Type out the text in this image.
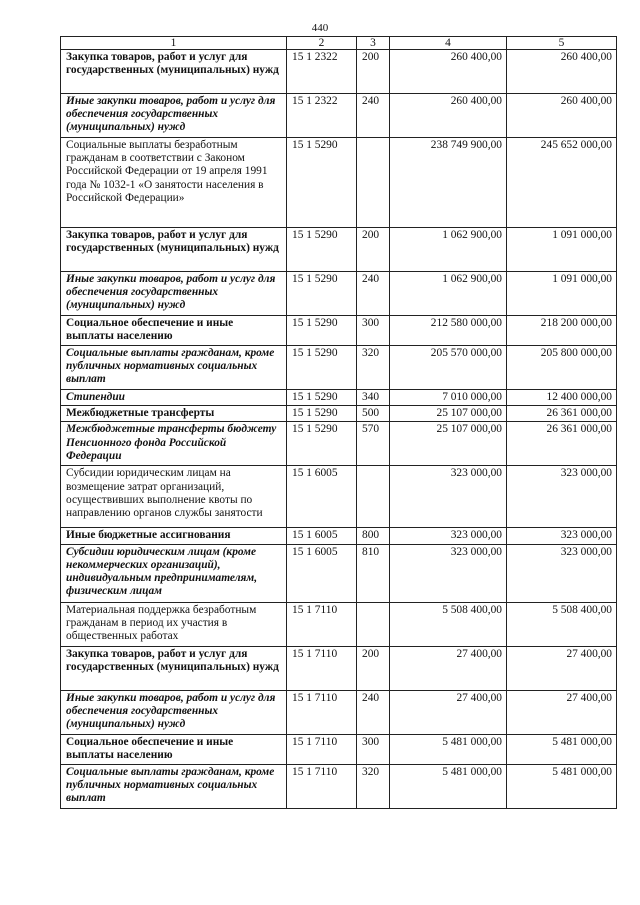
440
1	2	3	4	5
Закупка товаров, работ и услуг для государственных (муниципальных) нужд	15 1 2322	200	260 400,00	260 400,00
Иные закупки товаров, работ и услуг для обеспечения государственных (муниципальных) нужд	15 1 2322	240	260 400,00	260 400,00
Социальные выплаты безработным гражданам в соответствии с Законом Российской Федерации от 19 апреля 1991 года № 1032-1 «О занятости населения в Российской Федерации»	15 1 5290		238 749 900,00	245 652 000,00
Закупка товаров, работ и услуг для государственных (муниципальных) нужд	15 1 5290	200	1 062 900,00	1 091 000,00
Иные закупки товаров, работ и услуг для обеспечения государственных (муниципальных) нужд	15 1 5290	240	1 062 900,00	1 091 000,00
Социальное обеспечение и иные выплаты населению	15 1 5290	300	212 580 000,00	218 200 000,00
Социальные выплаты гражданам, кроме публичных нормативных социальных выплат	15 1 5290	320	205 570 000,00	205 800 000,00
Стипендии	15 1 5290	340	7 010 000,00	12 400 000,00
Межбюджетные трансферты	15 1 5290	500	25 107 000,00	26 361 000,00
Межбюджетные трансферты бюджету Пенсионного фонда Российской Федерации	15 1 5290	570	25 107 000,00	26 361 000,00
Субсидии юридическим лицам на возмещение затрат организаций, осуществивших выполнение квоты по направлению органов службы занятости	15 1 6005		323 000,00	323 000,00
Иные бюджетные ассигнования	15 1 6005	800	323 000,00	323 000,00
Субсидии юридическим лицам (кроме некоммерческих организаций), индивидуальным предпринимателям, физическим лицам	15 1 6005	810	323 000,00	323 000,00
Материальная поддержка безработным гражданам в период их участия в общественных работах	15 1 7110		5 508 400,00	5 508 400,00
Закупка товаров, работ и услуг для государственных (муниципальных) нужд	15 1 7110	200	27 400,00	27 400,00
Иные закупки товаров, работ и услуг для обеспечения государственных (муниципальных) нужд	15 1 7110	240	27 400,00	27 400,00
Социальное обеспечение и иные выплаты населению	15 1 7110	300	5 481 000,00	5 481 000,00
Социальные выплаты гражданам, кроме публичных нормативных социальных выплат	15 1 7110	320	5 481 000,00	5 481 000,00
